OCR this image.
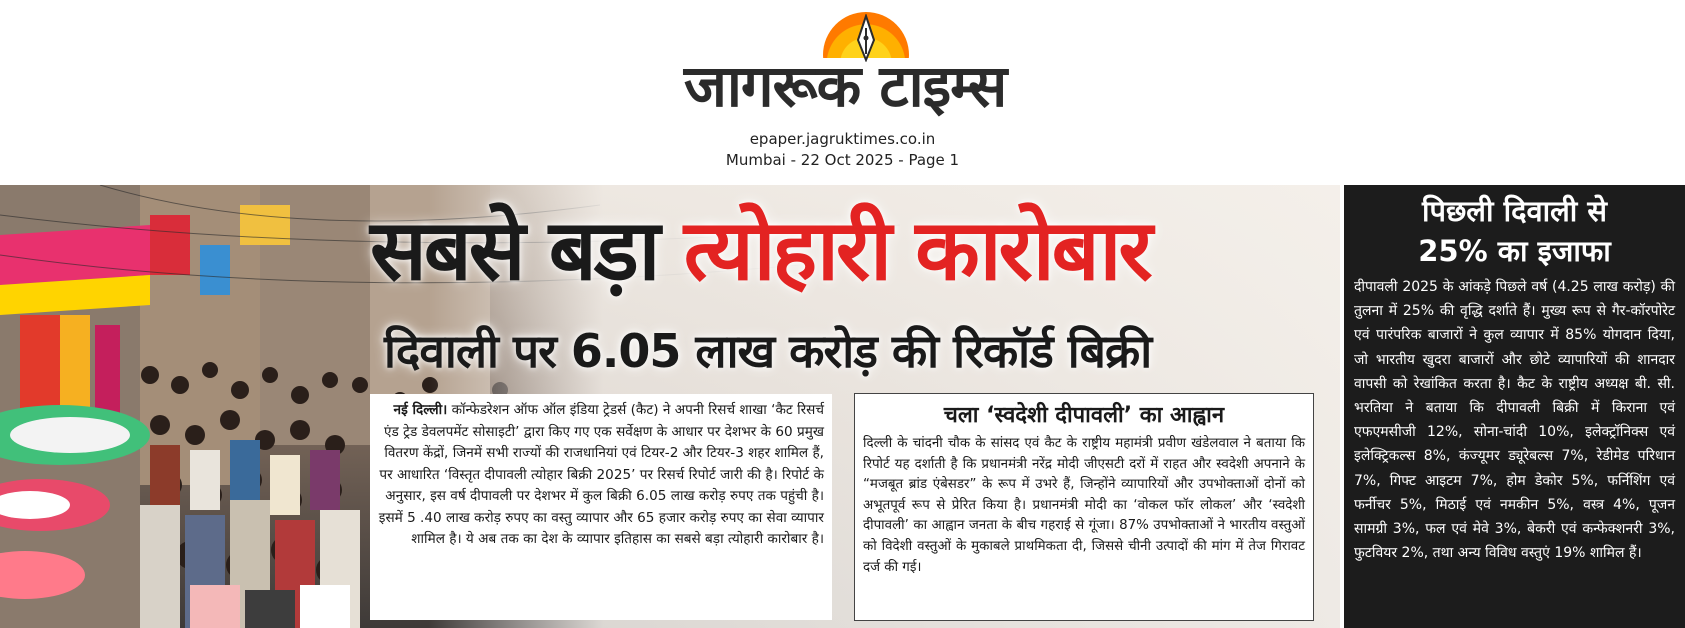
जागरूक टाइम्स
epaper.jagruktimes.co.in
Mumbai - 22 Oct 2025 - Page 1
सबसे बड़ा त्योहारी कारोबार
दिवाली पर 6.05 लाख करोड़ की रिकॉर्ड बिक्री
नई दिल्ली। कॉन्फेडरेशन ऑफ ऑल इंडिया ट्रेडर्स (कैट) ने अपनी रिसर्च शाखा ‘कैट रिसर्च एंड ट्रेड डेवलपमेंट सोसाइटी’ द्वारा किए गए एक सर्वेक्षण के आधार पर देशभर के 60 प्रमुख वितरण केंद्रों, जिनमें सभी राज्यों की राजधानियां एवं टियर-2 और टियर-3 शहर शामिल हैं, पर आधारित ‘विस्तृत दीपावली त्योहार बिक्री 2025’ पर रिसर्च रिपोर्ट जारी की है। रिपोर्ट के अनुसार, इस वर्ष दीपावली पर देशभर में कुल बिक्री 6.05 लाख करोड़ रुपए तक पहुंची है। इसमें 5 .40 लाख करोड़ रुपए का वस्तु व्यापार और 65 हजार करोड़ रुपए का सेवा व्यापार शामिल है। ये अब तक का देश के व्यापार इतिहास का सबसे बड़ा त्योहारी कारोबार है।
चला ‘स्वदेशी दीपावली’ का आह्वान

दिल्ली के चांदनी चौक के सांसद एवं कैट के राष्ट्रीय महामंत्री प्रवीण खंडेलवाल ने बताया कि रिपोर्ट यह दर्शाती है कि प्रधानमंत्री नरेंद्र मोदी जीएसटी दरों में राहत और स्वदेशी अपनाने के “मजबूत ब्रांड एंबेसडर” के रूप में उभरे हैं, जिन्होंने व्यापारियों और उपभोक्ताओं दोनों को अभूतपूर्व रूप से प्रेरित किया है। प्रधानमंत्री मोदी का ‘वोकल फॉर लोकल’ और ‘स्वदेशी दीपावली’ का आह्वान जनता के बीच गहराई से गूंजा। 87% उपभोक्ताओं ने भारतीय वस्तुओं को विदेशी वस्तुओं के मुकाबले प्राथमिकता दी, जिससे चीनी उत्पादों की मांग में तेज गिरावट दर्ज की गई।

पिछली दिवाली से
25% का इजाफा

दीपावली 2025 के आंकड़े पिछले वर्ष (4.25 लाख करोड़) की तुलना में 25% की वृद्धि दर्शाते हैं। मुख्य रूप से गैर-कॉरपोरेट एवं पारंपरिक बाजारों ने कुल व्यापार में 85% योगदान दिया, जो भारतीय खुदरा बाजारों और छोटे व्यापारियों की शानदार वापसी को रेखांकित करता है। कैट के राष्ट्रीय अध्यक्ष बी. सी. भरतिया ने बताया कि दीपावली बिक्री में किराना एवं एफएमसीजी 12%, सोना-चांदी 10%, इलेक्ट्रॉनिक्स एवं इलेक्ट्रिकल्स 8%, कंज्यूमर ड्यूरेबल्स 7%, रेडीमेड परिधान 7%, गिफ्ट आइटम 7%, होम डेकोर 5%, फर्निशिंग एवं फर्नीचर 5%, मिठाई एवं नमकीन 5%, वस्त्र 4%, पूजन सामग्री 3%, फल एवं मेवे 3%, बेकरी एवं कन्फेक्शनरी 3%, फुटवियर 2%, तथा अन्य विविध वस्तुएं 19% शामिल हैं।
